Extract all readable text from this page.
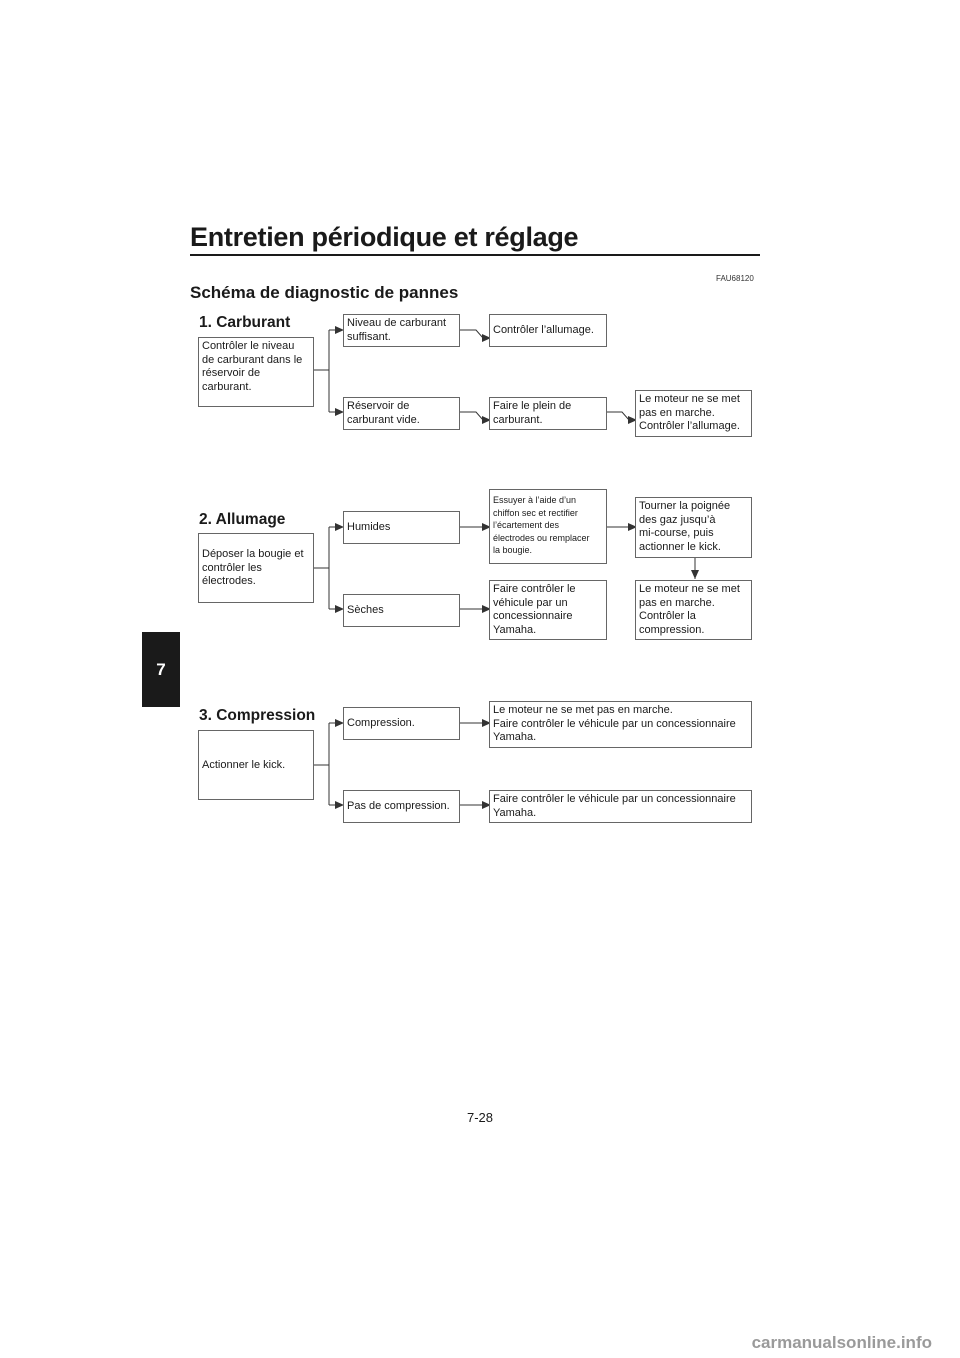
Entretien périodique et réglage
FAU68120
Schéma de diagnostic de pannes
7
1. Carburant
Contrôler le niveau
de carburant dans le
réservoir de
carburant.
Niveau de carburant
suffisant.
Contrôler l’allumage.
Réservoir de
carburant vide.
Faire le plein de
carburant.
Le moteur ne se met
pas en marche.
Contrôler l’allumage.
2. Allumage
Déposer la bougie et
contrôler les
électrodes.
Humides
Essuyer à l’aide d’un
chiffon sec et rectifier
l’écartement des
électrodes ou remplacer
la bougie.
Tourner la poignée
des gaz jusqu’à
mi-course, puis
actionner le kick.
Le moteur ne se met
pas en marche.
Contrôler la
compression.
Sèches
Faire contrôler le
véhicule par un
concessionnaire
Yamaha.
3. Compression
Actionner le kick.
Compression.
Le moteur ne se met pas en marche.
Faire contrôler le véhicule par un concessionnaire
Yamaha.
Pas de compression.
Faire contrôler le véhicule par un concessionnaire
Yamaha.
7-28
carmanualsonline.info
